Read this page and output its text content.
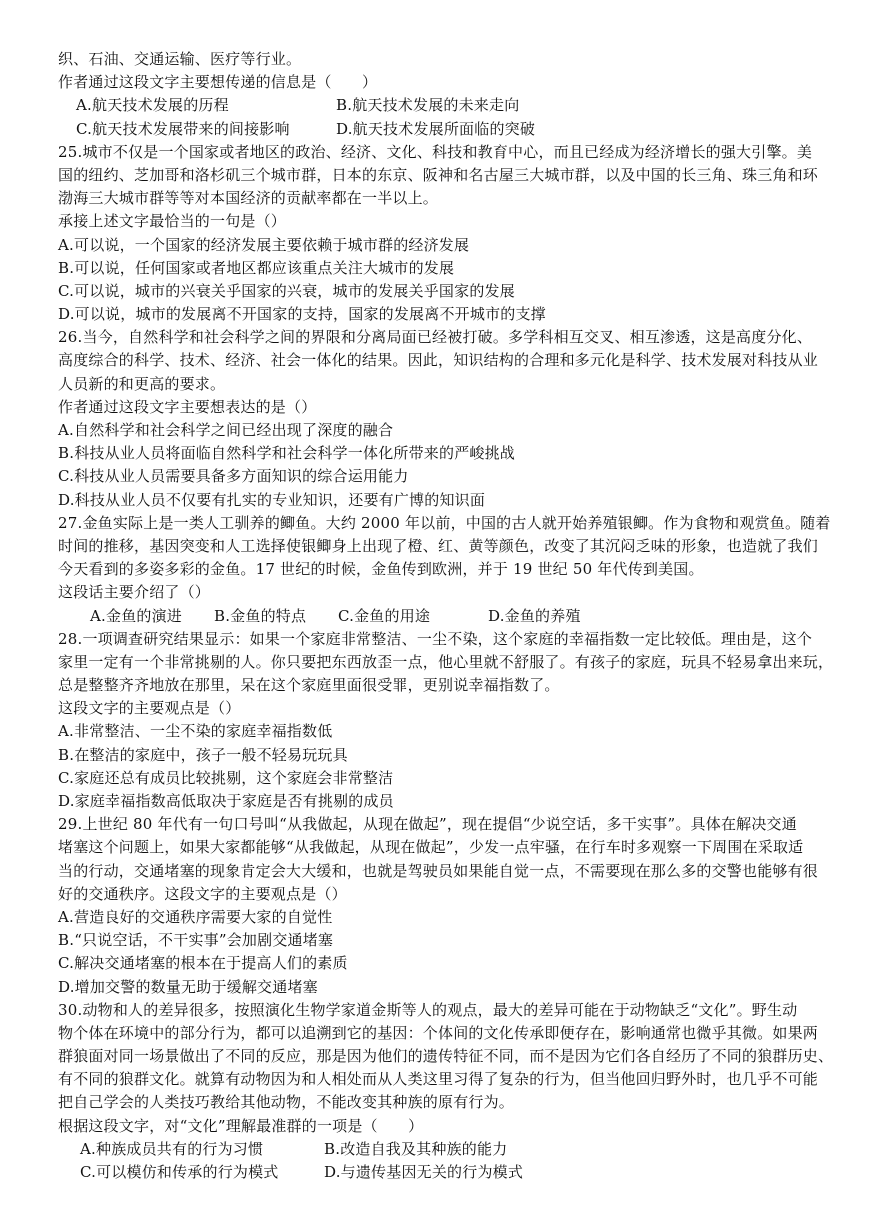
织、石油、交通运输、医疗等行业。
作者通过这段文字主要想传递的信息是（　　）
A.航天技术发展的历程	B.航天技术发展的未来走向
C.航天技术发展带来的间接影响	D.航天技术发展所面临的突破
25.城市不仅是一个国家或者地区的政治、经济、文化、科技和教育中心，而且已经成为经济增长的强大引擎。美
国的纽约、芝加哥和洛杉矶三个城市群，日本的东京、阪神和名古屋三大城市群，以及中国的长三角、珠三角和环
渤海三大城市群等等对本国经济的贡献率都在一半以上。
承接上述文字最恰当的一句是（）
A.可以说，一个国家的经济发展主要依赖于城市群的经济发展
B.可以说，任何国家或者地区都应该重点关注大城市的发展
C.可以说，城市的兴衰关乎国家的兴衰，城市的发展关乎国家的发展
D.可以说，城市的发展离不开国家的支持，国家的发展离不开城市的支撑
26.当今，自然科学和社会科学之间的界限和分离局面已经被打破。多学科相互交叉、相互渗透，这是高度分化、
高度综合的科学、技术、经济、社会一体化的结果。因此，知识结构的合理和多元化是科学、技术发展对科技从业
人员新的和更高的要求。
作者通过这段文字主要想表达的是（）
A.自然科学和社会科学之间已经出现了深度的融合
B.科技从业人员将面临自然科学和社会科学一体化所带来的严峻挑战
C.科技从业人员需要具备多方面知识的综合运用能力
D.科技从业人员不仅要有扎实的专业知识，还要有广博的知识面
27.金鱼实际上是一类人工驯养的鲫鱼。大约 2000 年以前，中国的古人就开始养殖银鲫。作为食物和观赏鱼。随着
时间的推移，基因突变和人工选择使银鲫身上出现了橙、红、黄等颜色，改变了其沉闷乏味的形象，也造就了我们
今天看到的多姿多彩的金鱼。17 世纪的时候，金鱼传到欧洲，并于 19 世纪 50 年代传到美国。
这段话主要介绍了（）
A.金鱼的演进 B.金鱼的特点 C.金鱼的用途	D.金鱼的养殖
28.一项调查研究结果显示：如果一个家庭非常整洁、一尘不染，这个家庭的幸福指数一定比较低。理由是，这个
家里一定有一个非常挑剔的人。你只要把东西放歪一点，他心里就不舒服了。有孩子的家庭，玩具不轻易拿出来玩，
总是整整齐齐地放在那里，呆在这个家庭里面很受罪，更别说幸福指数了。
这段文字的主要观点是（）
A.非常整洁、一尘不染的家庭幸福指数低
B.在整洁的家庭中，孩子一般不轻易玩玩具
C.家庭还总有成员比较挑剔，这个家庭会非常整洁
D.家庭幸福指数高低取决于家庭是否有挑剔的成员
29.上世纪 80 年代有一句口号叫“从我做起，从现在做起”，现在提倡“少说空话，多干实事”。具体在解决交通
堵塞这个问题上，如果大家都能够“从我做起，从现在做起”，少发一点牢骚，在行车时多观察一下周围在采取适
当的行动，交通堵塞的现象肯定会大大缓和，也就是驾驶员如果能自觉一点，不需要现在那么多的交警也能够有很
好的交通秩序。这段文字的主要观点是（）
A.营造良好的交通秩序需要大家的自觉性
B.“只说空话，不干实事”会加剧交通堵塞
C.解决交通堵塞的根本在于提高人们的素质
D.增加交警的数量无助于缓解交通堵塞
30.动物和人的差异很多，按照演化生物学家道金斯等人的观点，最大的差异可能在于动物缺乏“文化”。野生动
物个体在环境中的部分行为，都可以追溯到它的基因：个体间的文化传承即便存在，影响通常也微乎其微。如果两
群狼面对同一场景做出了不同的反应，那是因为他们的遗传特征不同，而不是因为它们各自经历了不同的狼群历史、
有不同的狼群文化。就算有动物因为和人相处而从人类这里习得了复杂的行为，但当他回归野外时，也几乎不可能
把自己学会的人类技巧教给其他动物，不能改变其种族的原有行为。
根据这段文字，对“文化”理解最准群的一项是（　　）
A.种族成员共有的行为习惯	B.改造自我及其种族的能力
C.可以模仿和传承的行为模式	D.与遗传基因无关的行为模式
